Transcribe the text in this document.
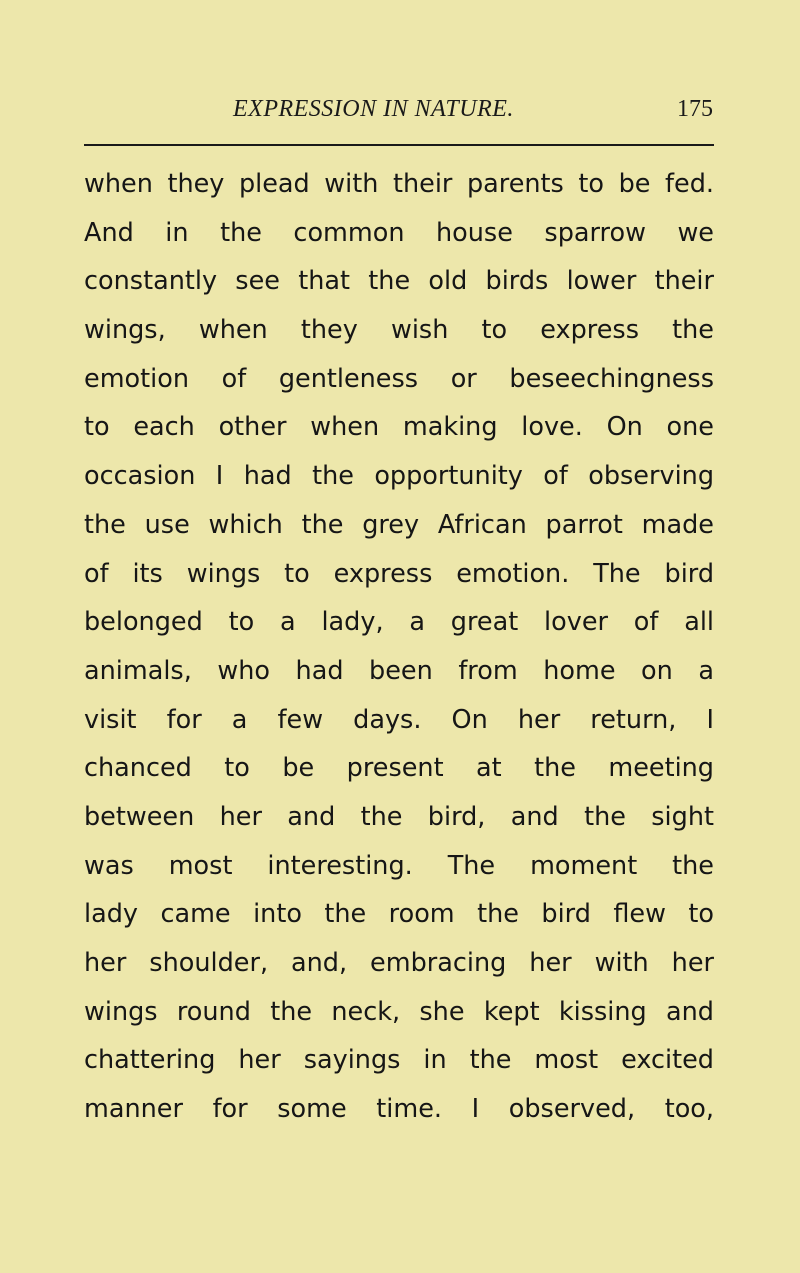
EXPRESSION IN NATURE.	175
when they plead with their parents to be fed.
And in the common house sparrow we
constantly see that the old birds lower their
wings, when they wish to express the
emotion of gentleness or beseechingness
to each other when making love. On one
occasion I had the opportunity of observing
the use which the grey African parrot made
of its wings to express emotion. The bird
belonged to a lady, a great lover of all
animals, who had been from home on a
visit for a few days. On her return, I
chanced to be present at the meeting
between her and the bird, and the sight
was most interesting. The moment the
lady came into the room the bird flew to
her shoulder, and, embracing her with her
wings round the neck, she kept kissing and
chattering her sayings in the most excited
manner for some time. I observed, too,
